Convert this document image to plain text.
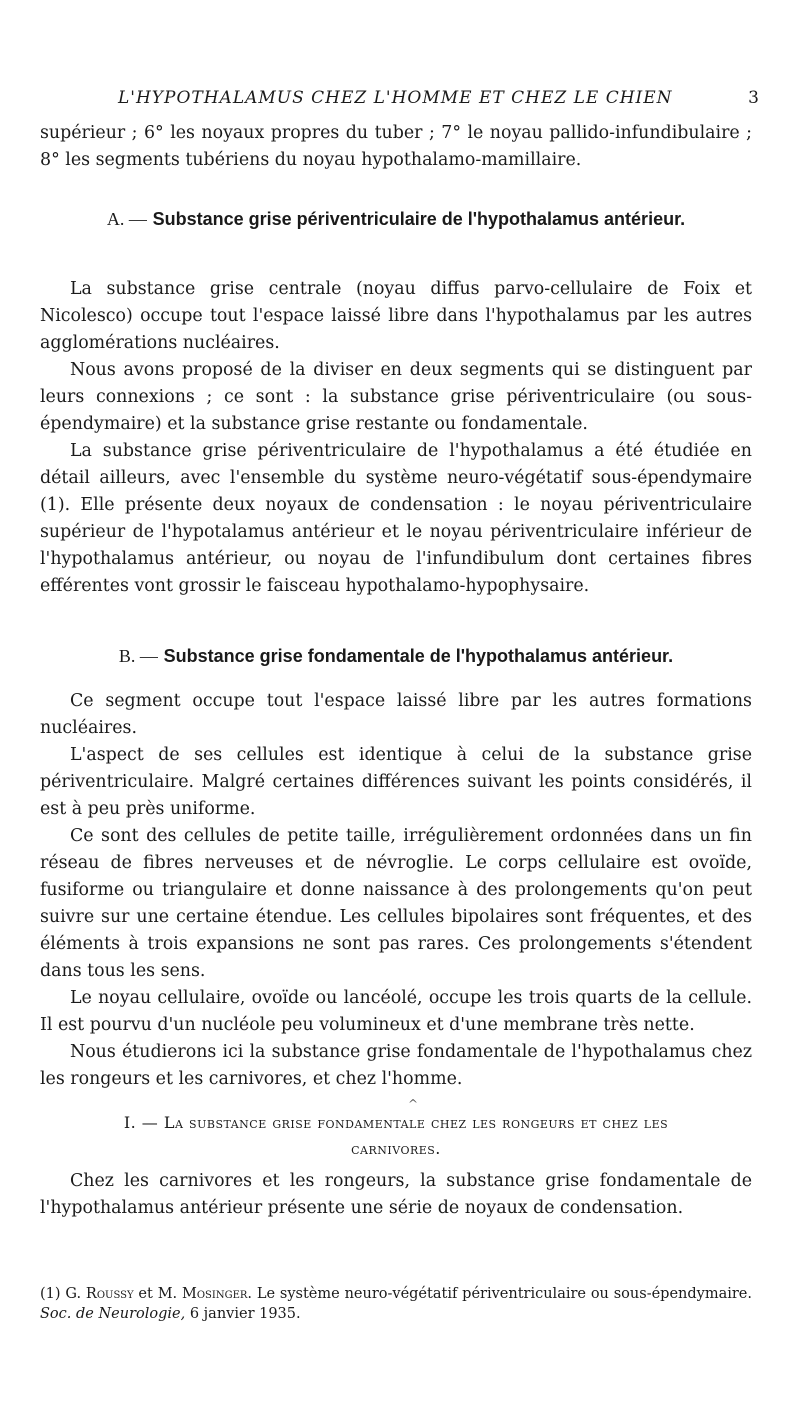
L'HYPOTHALAMUS CHEZ L'HOMME ET CHEZ LE CHIEN	3

supérieur ; 6° les noyaux propres du tuber ; 7° le noyau pallido-infundibulaire ; 8° les segments tubériens du noyau hypothalamo-mamillaire.

A. — Substance grise périventriculaire de l'hypothalamus antérieur.

La substance grise centrale (noyau diffus parvo-cellulaire de Foix et Nicolesco) occupe tout l'espace laissé libre dans l'hypothalamus par les autres agglomérations nucléaires.

Nous avons proposé de la diviser en deux segments qui se distinguent par leurs connexions ; ce sont : la substance grise périventriculaire (ou sous-épendymaire) et la substance grise restante ou fondamentale.

La substance grise périventriculaire de l'hypothalamus a été étudiée en détail ailleurs, avec l'ensemble du système neuro-végétatif sous-épendymaire (1). Elle présente deux noyaux de condensation : le noyau périventriculaire supérieur de l'hypotalamus antérieur et le noyau périventriculaire inférieur de l'hypothalamus antérieur, ou noyau de l'infundibulum dont certaines fibres efférentes vont grossir le faisceau hypothalamo-hypophysaire.

B. — Substance grise fondamentale de l'hypothalamus antérieur.

Ce segment occupe tout l'espace laissé libre par les autres formations nucléaires.

L'aspect de ses cellules est identique à celui de la substance grise périventriculaire. Malgré certaines différences suivant les points considérés, il est à peu près uniforme.

Ce sont des cellules de petite taille, irrégulièrement ordonnées dans un fin réseau de fibres nerveuses et de névroglie. Le corps cellulaire est ovoïde, fusiforme ou triangulaire et donne naissance à des prolongements qu'on peut suivre sur une certaine étendue. Les cellules bipolaires sont fréquentes, et des éléments à trois expansions ne sont pas rares. Ces prolongements s'étendent dans tous les sens.

Le noyau cellulaire, ovoïde ou lancéolé, occupe les trois quarts de la cellule. Il est pourvu d'un nucléole peu volumineux et d'une membrane très nette.

Nous étudierons ici la substance grise fondamentale de l'hypothalamus chez les rongeurs et les carnivores, et chez l'homme.

^
I. — La substance grise fondamentale chez les rongeurs et chez les carnivores.

Chez les carnivores et les rongeurs, la substance grise fondamentale de l'hypothalamus antérieur présente une série de noyaux de condensation.

(1) G. Roussy et M. Mosinger. Le système neuro-végétatif périventriculaire ou sous-épendymaire. Soc. de Neurologie, 6 janvier 1935.
